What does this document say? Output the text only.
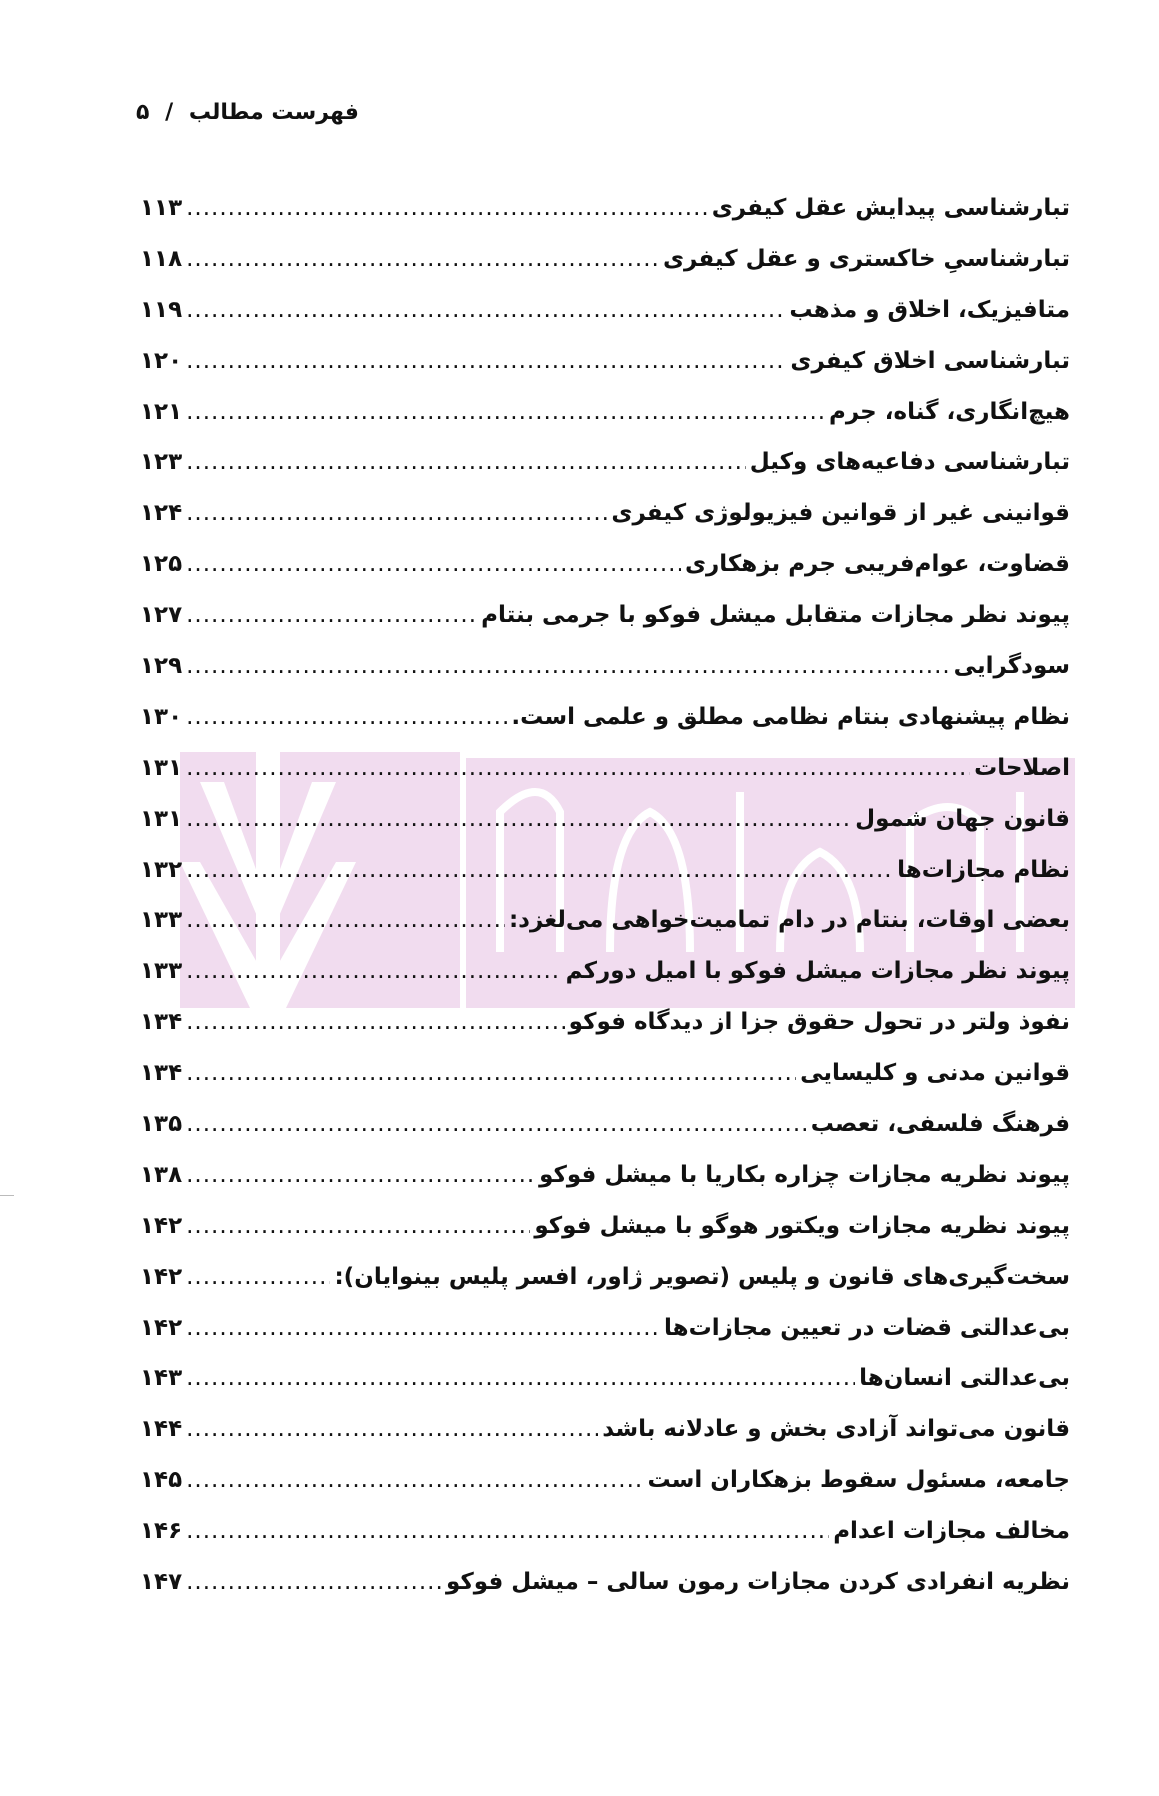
فهرست مطالب / ۵
تبارشناسی پیدایش عقل کیفری
.....
۱۱۳
تبارشناسیِ خاکستری و عقل کیفری
.....
۱۱۸
متافیزیک، اخلاق و مذهب
.....
۱۱۹
تبارشناسی اخلاق کیفری
.....
۱۲۰
هیچ‌انگاری، گناه، جرم
.....
۱۲۱
تبارشناسی دفاعیه‌های وکیل
.....
۱۲۳
قوانینی غیر از قوانین فیزیولوژی کیفری
.....
۱۲۴
قضاوت، عوام‌فریبی جرم بزهکاری
.....
۱۲۵
پیوند نظر مجازات متقابل میشل فوکو با جرمی بنتام
.....
۱۲۷
سودگرایی
.....
۱۲۹
نظام پیشنهادی بنتام نظامی مطلق و علمی است.
.....
۱۳۰
اصلاحات
.....
۱۳۱
قانون جهان شمول
.....
۱۳۱
نظام مجازات‌ها
.....
۱۳۲
بعضی اوقات، بنتام در دام تمامیت‌خواهی می‌لغزد:
.....
۱۳۳
پیوند نظر مجازات میشل فوکو با امیل دورکم
.....
۱۳۳
نفوذ ولتر در تحول حقوق جزا از دیدگاه فوکو
.....
۱۳۴
قوانین مدنی و کلیسایی
.....
۱۳۴
فرهنگ فلسفی، تعصب
.....
۱۳۵
پیوند نظریه مجازات چزاره بکاریا با میشل فوکو
.....
۱۳۸
پیوند نظریه مجازات ویکتور هوگو با میشل فوکو
.....
۱۴۲
سخت‌گیری‌های قانون و پلیس (تصویر ژاور، افسر پلیس بینوایان):
.....
۱۴۲
بی‌عدالتی قضات در تعیین مجازات‌ها
.....
۱۴۲
بی‌عدالتی انسان‌ها
.....
۱۴۳
قانون می‌تواند آزادی بخش و عادلانه باشد
.....
۱۴۴
جامعه، مسئول سقوط بزهکاران است
.....
۱۴۵
مخالف مجازات اعدام
.....
۱۴۶
نظریه انفرادی کردن مجازات رمون سالی – میشل فوکو
.....
۱۴۷
